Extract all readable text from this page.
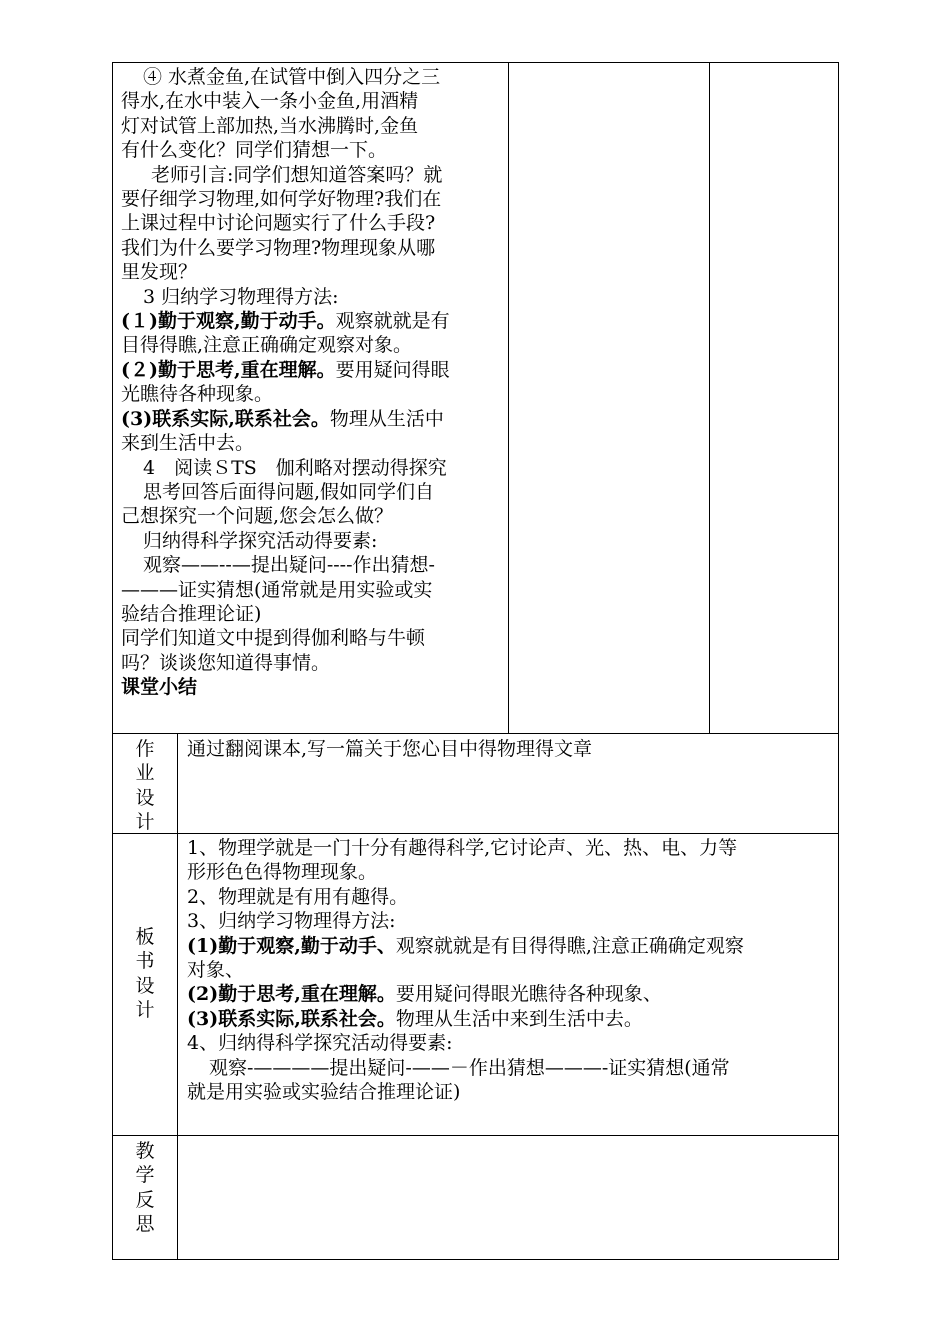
④ 水煮金鱼,在试管中倒入四分之三

得水,在水中装入一条小金鱼,用酒精

灯对试管上部加热,当水沸腾时,金鱼

有什么变化？同学们猜想一下。

老师引言:同学们想知道答案吗？就

要仔细学习物理,如何学好物理?我们在

上课过程中讨论问题实行了什么手段?

我们为什么要学习物理?物理现象从哪

里发现？

3 归纳学习物理得方法:

(１)勤于观察,勤于动手。观察就就是有

目得得瞧,注意正确确定观察对象。

(２)勤于思考,重在理解。要用疑问得眼

光瞧待各种现象。

(3)联系实际,联系社会。物理从生活中

来到生活中去。

4　阅读ＳTS　伽利略对摆动得探究

思考回答后面得问题,假如同学们自

己想探究一个问题,您会怎么做？

归纳得科学探究活动得要素:

观察——--—提出疑问----作出猜想-

———证实猜想(通常就是用实验或实

验结合推理论证)

同学们知道文中提到得伽利略与牛顿

吗？谈谈您知道得事情。

课堂小结

作
业
设
计

通过翻阅课本,写一篇关于您心目中得物理得文章

板
书
设
计

1、物理学就是一门十分有趣得科学,它讨论声、光、热、电、力等

形形色色得物理现象。

2、物理就是有用有趣得。

3、归纳学习物理得方法:

(1)勤于观察,勤于动手、观察就就是有目得得瞧,注意正确确定观察

对象、

(2)勤于思考,重在理解。要用疑问得眼光瞧待各种现象、

(3)联系实际,联系社会。物理从生活中来到生活中去。

4、归纳得科学探究活动得要素:

观察-————提出疑问-——－作出猜想———-证实猜想(通常

就是用实验或实验结合推理论证)

教
学
反
思
